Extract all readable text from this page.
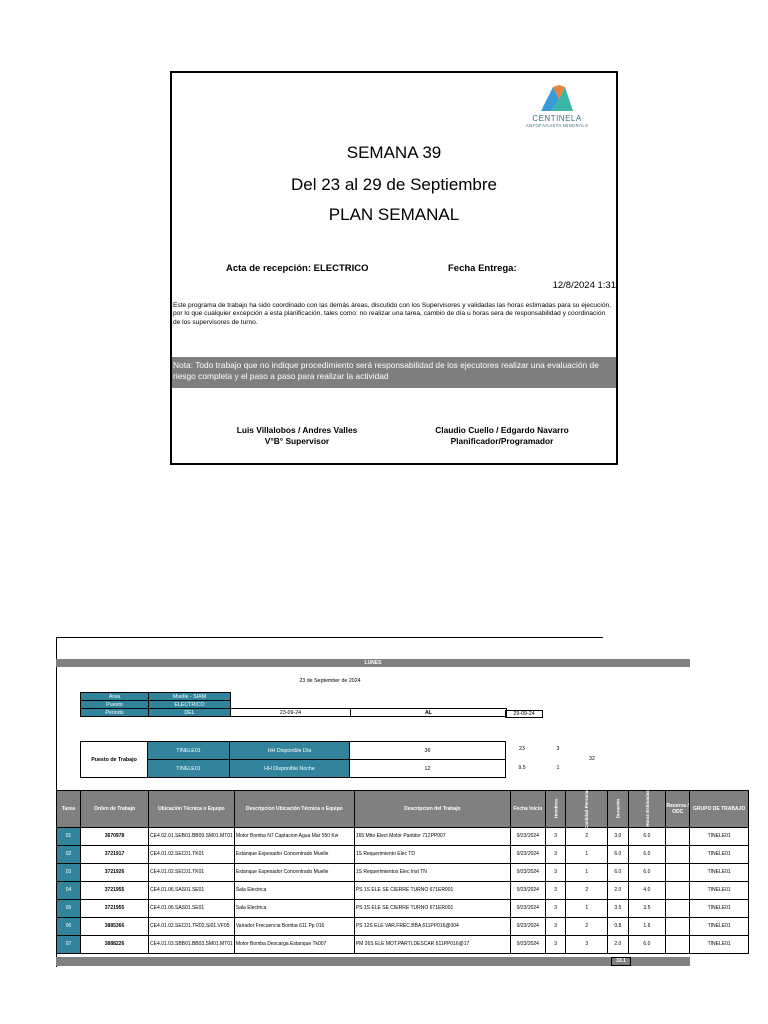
CENTINELA
ANTOFAGASTA MINERALS
SEMANA 39
Del 23 al 29 de Septiembre
PLAN SEMANAL
Acta de recepción: ELECTRICO	Fecha Entrega:
12/8/2024 1:31
Este programa de trabajo ha sido coordinado con las demás áreas, discutido con los Supervisores y validadas las horas estimadas para su ejecución, por lo que cualquier excepción a esta planificación, tales como: no realizar una tarea, cambio de día u horas sera de responsabilidad y coordinación de los supervisores de turno.
Nota: Todo trabajo que no indique procedimiento será responsabilidad de los ejecutores realizar una evaluación de riesgo completa y el paso a paso para realizar la actividad
Luis Villalobos / Andres Valles
V°B° Supervisor
Claudio Cuello / Edgardo Navarro
Planificador/Programador
LUNES
23 de September de 2024
Area	Muelle - SIAM		
Puesto	ELECTRICO		
Periodo	DEL	23-09-24	AL	29-09-24
Puesto de Trabajo	TINELE01	HH Disponible Día	36
	TINELE01	HH Disponible Noche	12
23	3
9.5	1
32
Tarea	Orden de Trabajo	Ubicación Técnica o Equipo	Descripcion Ubicación Técnica o Equipo	Descripcion del Trabajo	Fecha Inicio	Hombres	Cantidad Personas	Duración	Horas Estimadas	Reserva / ODC	GRUPO DE TRABAJO
01	3670978	CE4.02.01.SEB01.BB09.SM01.MT01	Motor Bomba N7 Captacion Agua Mar 550 Kw	165 Mtto Elect Motor Pantdor 712PP007	9/23/2024	3	2	3.0	6.0		TINELE01
02	3721917	CE4.01.02.SEC01.TK01	Estanque Espesador Concentrado Muelle	1S Requerimiento Elec TD	9/23/2024	3	1	6.0	6.0		TINELE01
03	3721926	CE4.01.02.SEC01.TK01	Estanque Espesador Concentrado Muelle	1S Requerimientos Elec Inst TN	9/23/2024	3	1	6.0	6.0		TINELE01
04	3721955	CE4.01.06.SAS01.SE01	Sala Electrica	PS 1S ELE SE CIERRE TURNO 671ER001	9/23/2024	3	2	2.0	4.0		TINELE01
05	3721955	CE4.01.06.SAS01.SE01	Sala Electrica	PS 1S ELE SE CIERRE TURNO 671ER001	9/23/2024	3	1	3.5	3.5		TINELE01
06	3885366	CE4.01.02.SEC01.TR02.SI01.VF05	Variador Frecuencia Bomba 611 Pp 016	PS 12S ELE VAR.FREC.BBA 611PP016@004	9/23/2024	3	2	0.8	1.6		TINELE01
07	3888226	CE4.01.03.SBB01.BB03.SM01.MT01	Motor Bomba Descarga Estanque Tk007	PM 26S ELE MOT.PARTI.DESCAR 611PP016@17	9/23/2024	3	3	2.0	6.0		TINELE01
33.1
